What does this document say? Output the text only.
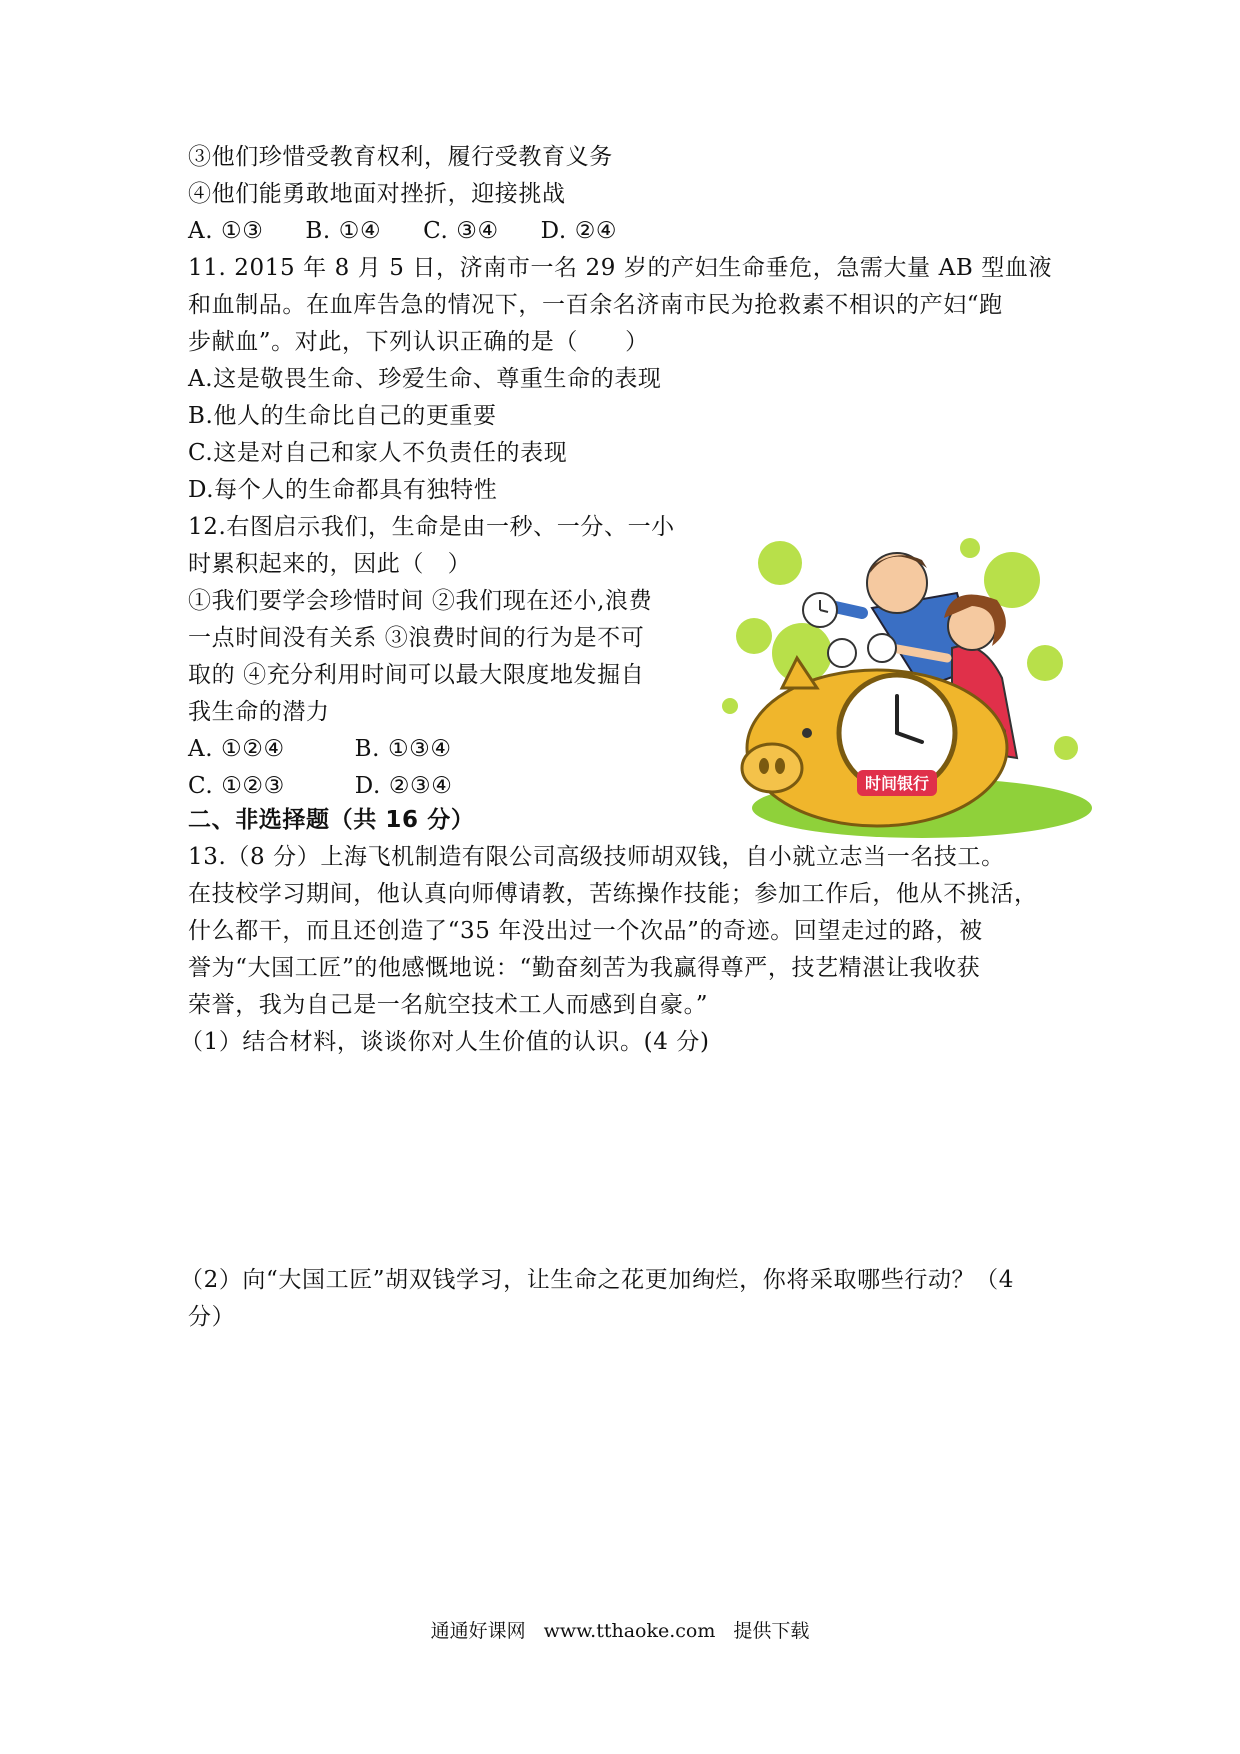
③他们珍惜受教育权利，履行受教育义务
④他们能勇敢地面对挫折，迎接挑战
A. ①③ B. ①④ C. ③④ D. ②④
11. 2015 年 8 月 5 日，济南市一名 29 岁的产妇生命垂危，急需大量 AB 型血液
和血制品。在血库告急的情况下，一百余名济南市民为抢救素不相识的产妇“跑
步献血”。对此，下列认识正确的是（　　）
A.这是敬畏生命、珍爱生命、尊重生命的表现
B.他人的生命比自己的更重要
C.这是对自己和家人不负责任的表现
D.每个人的生命都具有独特性
12.右图启示我们，生命是由一秒、一分、一小
时累积起来的，因此（　）
①我们要学会珍惜时间 ②我们现在还小,浪费
一点时间没有关系 ③浪费时间的行为是不可
取的 ④充分利用时间可以最大限度地发掘自
我生命的潜力
A. ①②④	B. ①③④
C. ①②③	D. ②③④
二、非选择题（共 16 分）
13.（8 分）上海飞机制造有限公司高级技师胡双钱，自小就立志当一名技工。
在技校学习期间，他认真向师傅请教，苦练操作技能；参加工作后，他从不挑活，
什么都干，而且还创造了“35 年没出过一个次品”的奇迹。回望走过的路，被
誉为“大国工匠”的他感慨地说：“勤奋刻苦为我赢得尊严，技艺精湛让我收获
荣誉，我为自己是一名航空技术工人而感到自豪。”
（1）结合材料，谈谈你对人生价值的认识。(4 分)
（2）向“大国工匠”胡双钱学习，让生命之花更加绚烂，你将采取哪些行动？（4
分）
时间银行
通通好课网 www.tthaoke.com 提供下载
